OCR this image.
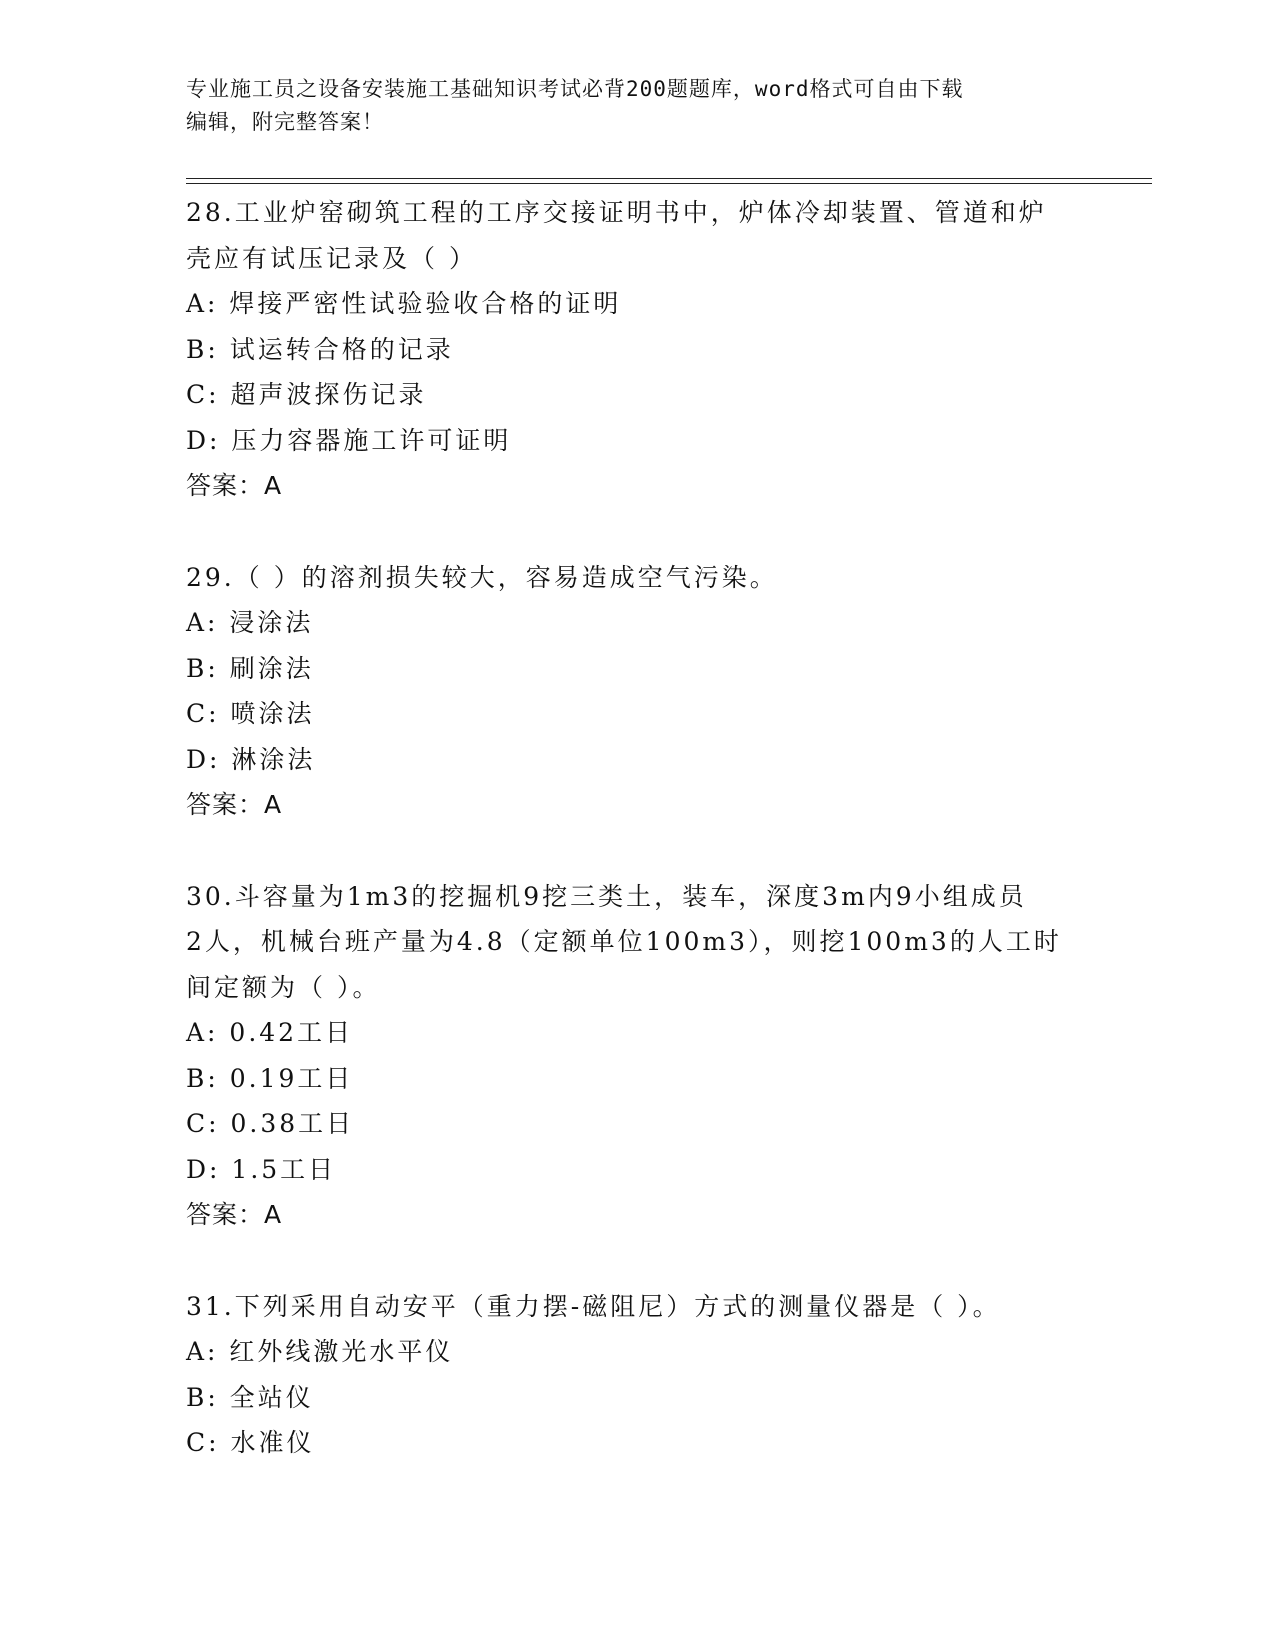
专业施工员之设备安装施工基础知识考试必背200题题库，word格式可自由下载
编辑，附完整答案！
28.工业炉窑砌筑工程的工序交接证明书中，炉体冷却装置、管道和炉
壳应有试压记录及（ ）
A: 焊接严密性试验验收合格的证明
B: 试运转合格的记录
C: 超声波探伤记录
D: 压力容器施工许可证明
答案：A
29.（ ）的溶剂损失较大，容易造成空气污染。
A: 浸涂法
B: 刷涂法
C: 喷涂法
D: 淋涂法
答案：A
30.斗容量为1m3的挖掘机9挖三类土，装车，深度3m内9小组成员
2人，机械台班产量为4.8（定额单位100m3），则挖100m3的人工时
间定额为（ ）。
A: 0.42工日
B: 0.19工日
C: 0.38工日
D: 1.5工日
答案：A
31.下列采用自动安平（重力摆-磁阻尼）方式的测量仪器是（ ）。
A: 红外线激光水平仪
B: 全站仪
C: 水准仪
